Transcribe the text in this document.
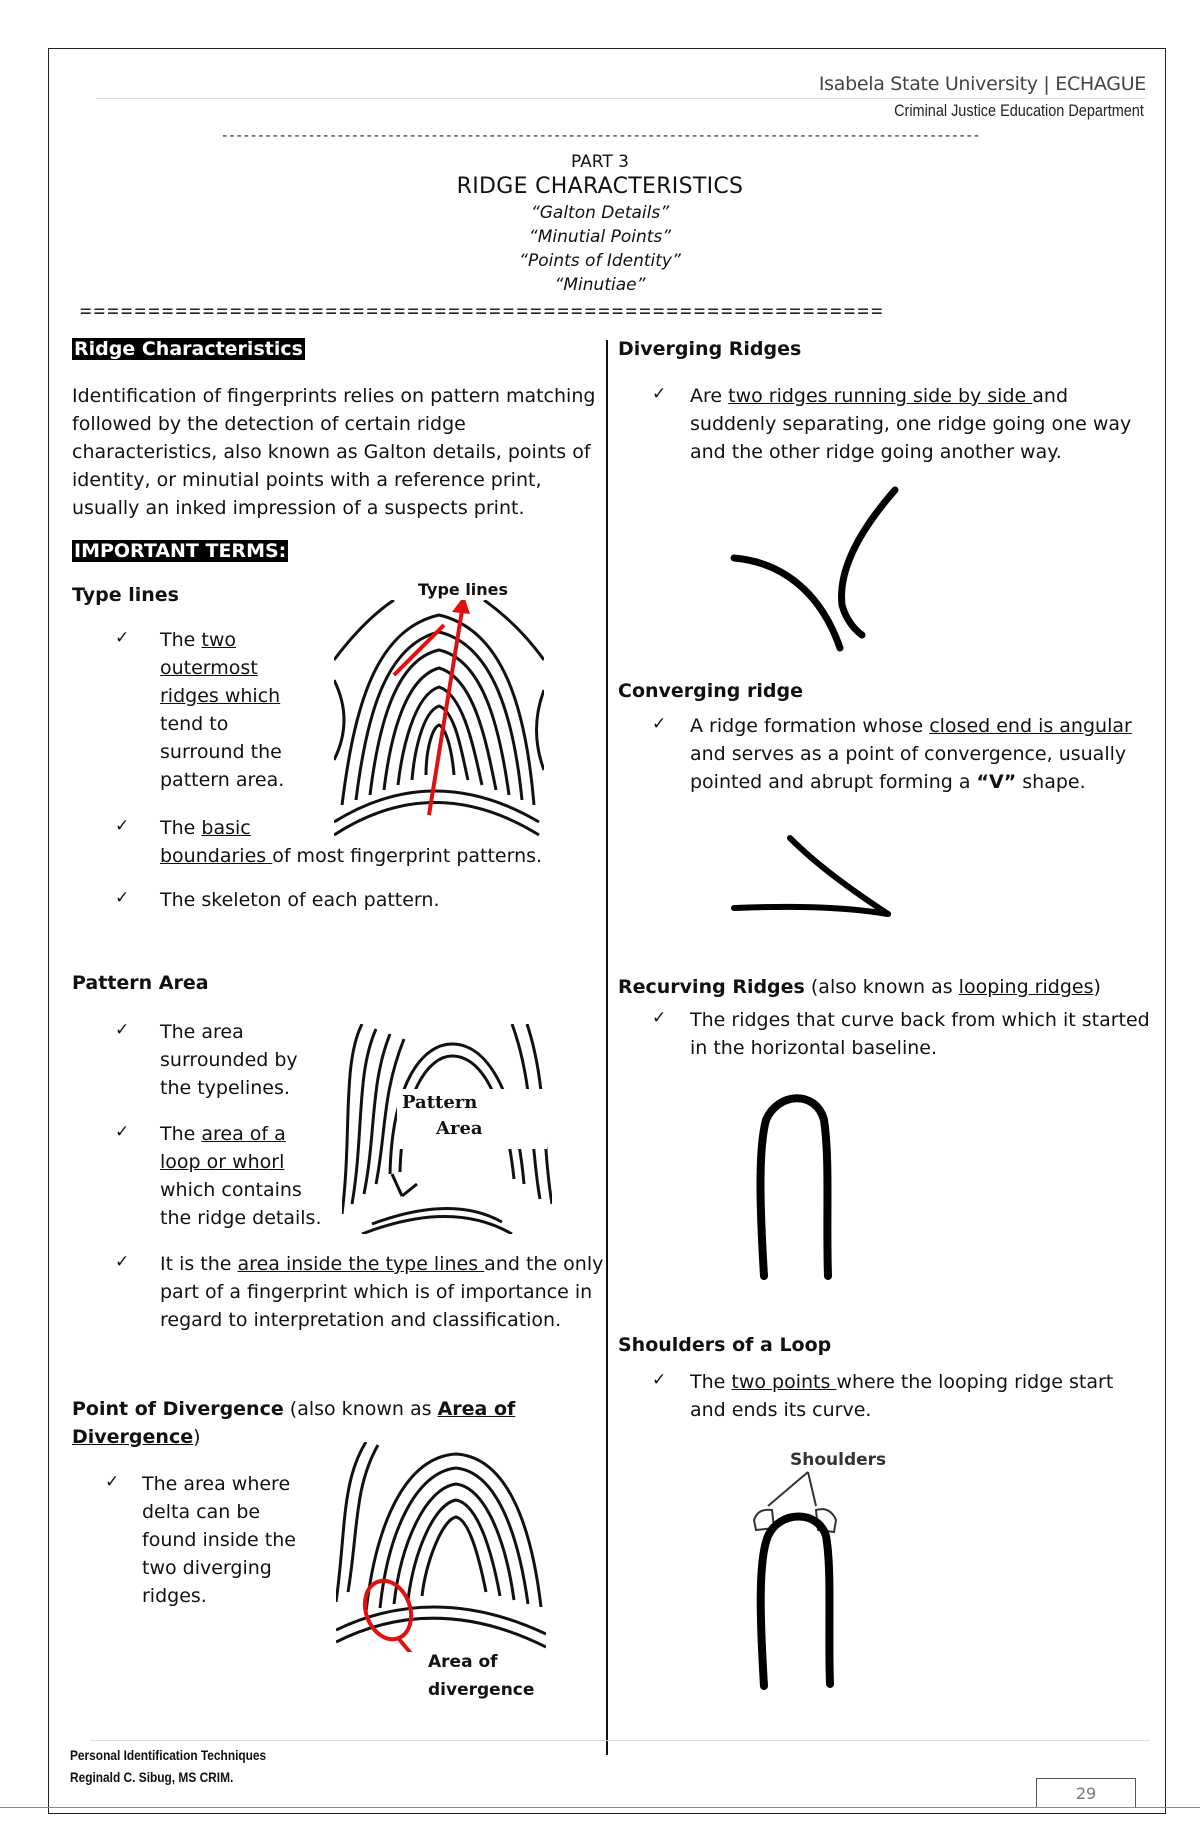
Isabela State University | ECHAGUE
Criminal Justice Education Department
---------------------------------------------------------------------------------------------------------
PART 3
RIDGE CHARACTERISTICS
“Galton Details”
“Minutial Points”
“Points of Identity”
“Minutiae”
===========================================================
Ridge Characteristics
Identification of fingerprints relies on pattern matching
followed by the detection of certain ridge
characteristics, also known as Galton details, points of
identity, or minutial points with a reference print,
usually an inked impression of a suspects print.
IMPORTANT TERMS:
Type lines
✓ The two
outermost
ridges which
tend to
surround the
pattern area.
✓ The basic
boundaries of most fingerprint patterns.
✓ The skeleton of each pattern.
Type lines
Pattern Area
✓ The area
surrounded by
the typelines.
✓ The area of a
loop or whorl
which contains
the ridge details.
✓ It is the area inside the type lines and the only
part of a fingerprint which is of importance in
regard to interpretation and classification.
Pattern
Area
Point of Divergence (also known as Area of
Divergence)
✓ The area where
delta can be
found inside the
two diverging
ridges.
Area of
divergence
Diverging Ridges
✓ Are two ridges running side by side and
suddenly separating, one ridge going one way
and the other ridge going another way.
Converging ridge
✓ A ridge formation whose closed end is angular
and serves as a point of convergence, usually
pointed and abrupt forming a “V” shape.
Recurving Ridges (also known as looping ridges)
✓ The ridges that curve back from which it started
in the horizontal baseline.
Shoulders of a Loop
✓ The two points where the looping ridge start
and ends its curve.
Shoulders
Personal Identification Techniques
Reginald C. Sibug, MS CRIM.
29
